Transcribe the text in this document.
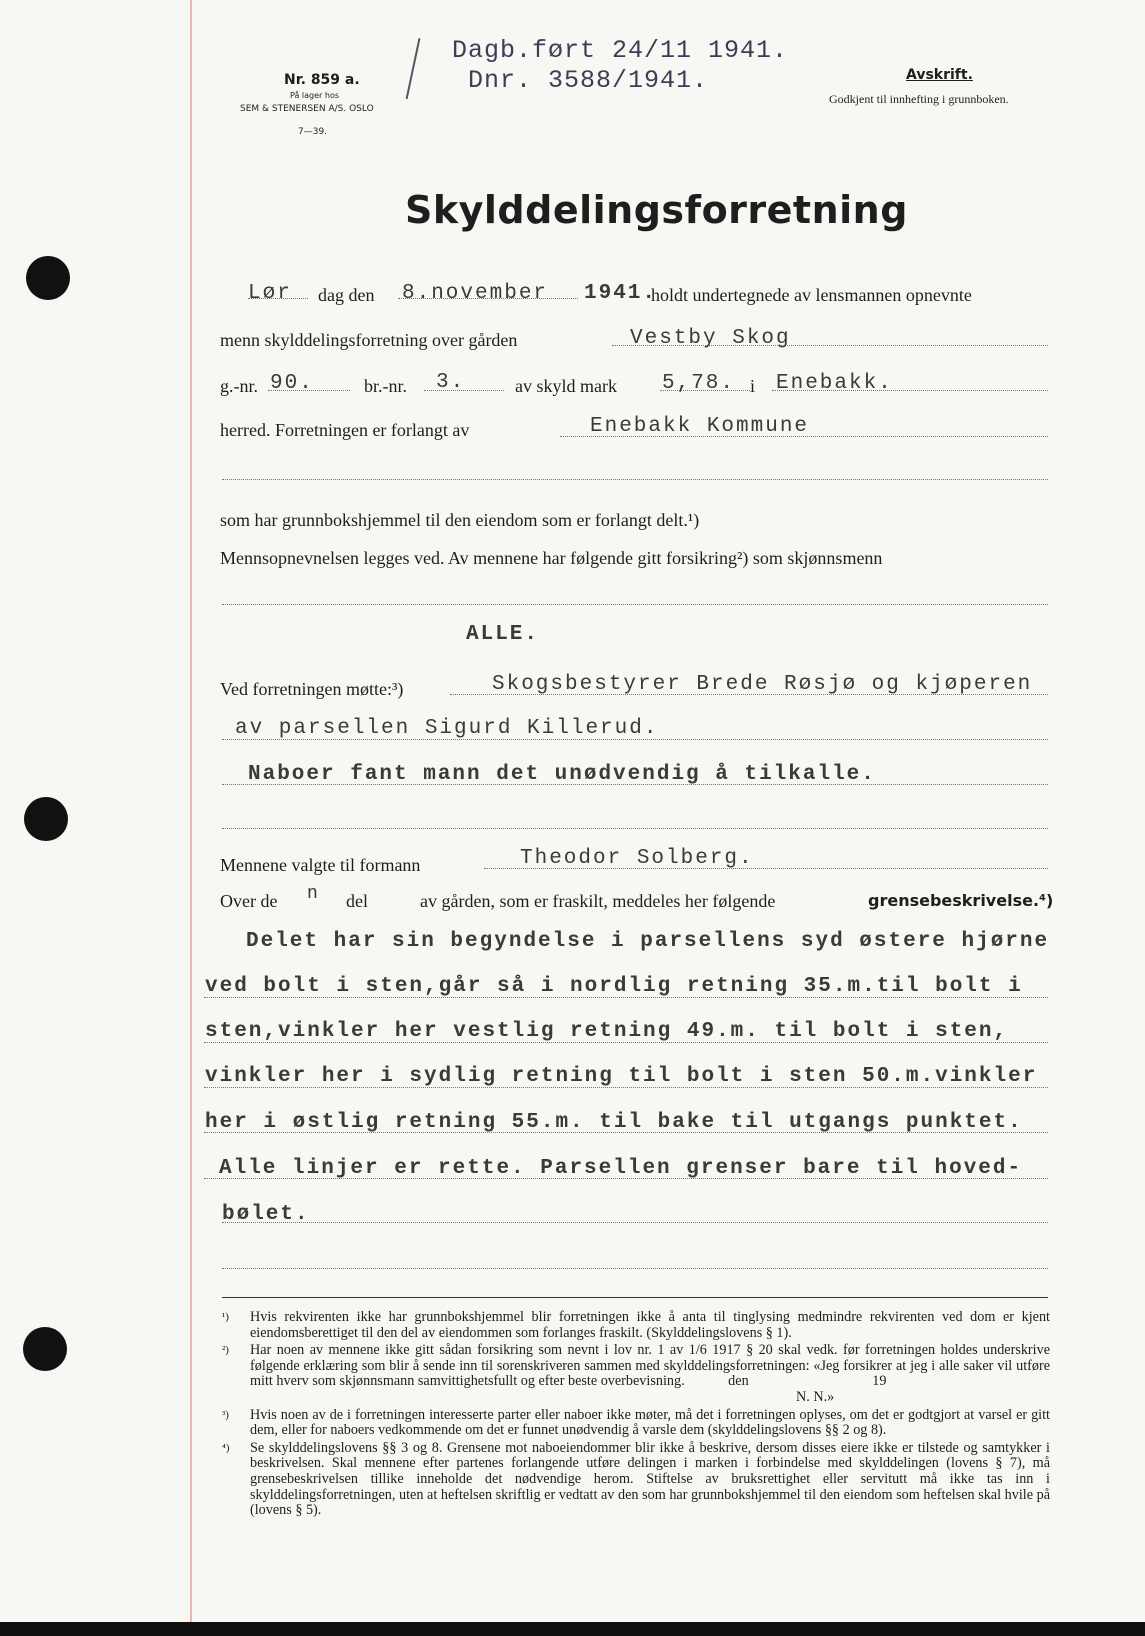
Nr. 859 a.
På lager hos
SEM & STENERSEN A/S. OSLO
7—39.
Dagb.ført 24/11 1941.
Dnr. 3588/1941.	Avskrift.
Godkjent til innhefting i grunnboken.
Skylddelingsforretning
Lør dag den 8.november 1941.
holdt undertegnede av lensmannen opnevnte
menn skylddelingsforretning over gården	Vestby Skog
g.-nr. 90.	br.-nr. 3.	av skyld mark 5,78. i Enebakk.
herred. Forretningen er forlangt av	Enebakk Kommune
som har grunnbokshjemmel til den eiendom som er forlangt delt.¹)
Mennsopnevnelsen legges ved. Av mennene har følgende gitt forsikring²) som skjønnsmenn
ALLE.
Ved forretningen møtte:³)	Skogsbestyrer Brede Røsjø og kjøperen
av parsellen Sigurd Killerud.
Naboer fant mann det unødvendig å tilkalle.
Mennene valgte til formann	Theodor Solberg.
Over de n del	av gården, som er fraskilt, meddeles her følgende	grensebeskrivelse.⁴)
Delet har sin begyndelse i parsellens syd østere hjørne
ved bolt i sten,går så i nordlig retning 35.m.til bolt i
sten,vinkler her vestlig retning 49.m. til bolt i sten,
vinkler her i sydlig retning til bolt i sten 50.m.vinkler
her i østlig retning 55.m. til bake til utgangs punktet.
Alle linjer er rette. Parsellen grenser bare til hoved-
bølet.
¹)	Hvis rekvirenten ikke har grunnbokshjemmel blir forretningen ikke å anta til tinglysing medmindre rekvirenten ved dom er kjent eiendomsberettiget til den del av eiendommen som forlanges fraskilt. (Skylddelingslovens § 1).
²)	Har noen av mennene ikke gitt sådan forsikring som nevnt i lov nr. 1 av 1/6 1917 § 20 skal vedk. før forretningen holdes underskrive følgende erklæring som blir å sende inn til sorenskriveren sammen med skylddelingsforretningen: «Jeg forsikrer at jeg i alle saker vil utføre mitt hverv som skjønnsmann samvittighetsfullt og efter beste overbevisning.	den	19
N. N.»
³)	Hvis noen av de i forretningen interesserte parter eller naboer ikke møter, må det i forretningen oplyses, om det er godtgjort at varsel er gitt dem, eller for naboers vedkommende om det er funnet unødvendig å varsle dem (skylddelingslovens §§ 2 og 8).
⁴)	Se skylddelingslovens §§ 3 og 8. Grensene mot naboeiendommer blir ikke å beskrive, dersom disses eiere ikke er tilstede og samtykker i beskrivelsen. Skal mennene efter partenes forlangende utføre delingen i marken i forbindelse med skylddelingen (lovens § 7), må grensebeskrivelsen tillike inneholde det nødvendige herom. Stiftelse av bruksrettighet eller servitutt må ikke tas inn i skylddelingsforretningen, uten at heftelsen skriftlig er vedtatt av den som har grunnbokshjemmel til den eiendom som heftelsen skal hvile på (lovens § 5).
